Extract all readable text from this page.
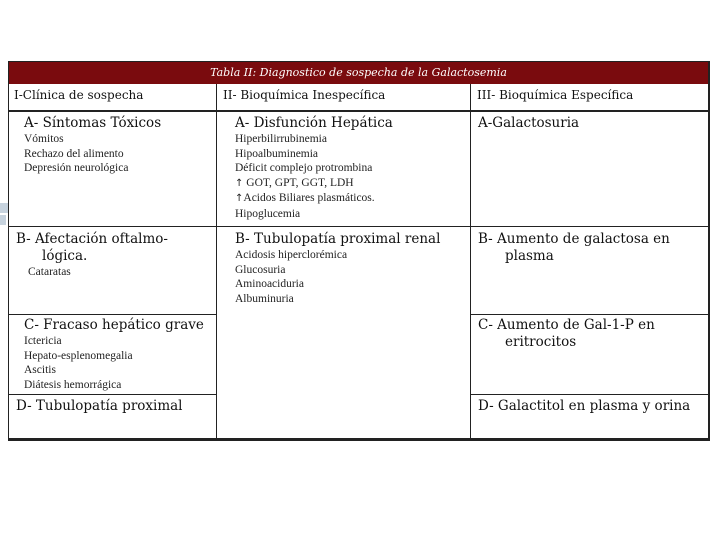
Tabla II: Diagnostico de sospecha de la Galactosemia
I-Clínica de sospecha	II- Bioquímica Inespecífica	III- Bioquímica Específica
A- Síntomas Tóxicos
Vómitos
Rechazo del alimento
Depresión neurológica
B- Afectación oftalmo-
lógica.
Cataratas
C- Fracaso hepático grave
Ictericia
Hepato-esplenomegalia
Ascitis
Diátesis hemorrágica
D- Tubulopatía proximal
A- Disfunción Hepática
Hiperbilirrubinemia
Hipoalbuminemia
Déficit complejo protrombina
↑ GOT, GPT, GGT, LDH
↑Acidos Biliares plasmáticos.
Hipoglucemia
B- Tubulopatía proximal renal
Acidosis hiperclorémica
Glucosuria
Aminoaciduria
Albuminuria
A-Galactosuria
B- Aumento de galactosa en
plasma
C- Aumento de Gal-1-P en
eritrocitos
D- Galactitol en plasma y orina
